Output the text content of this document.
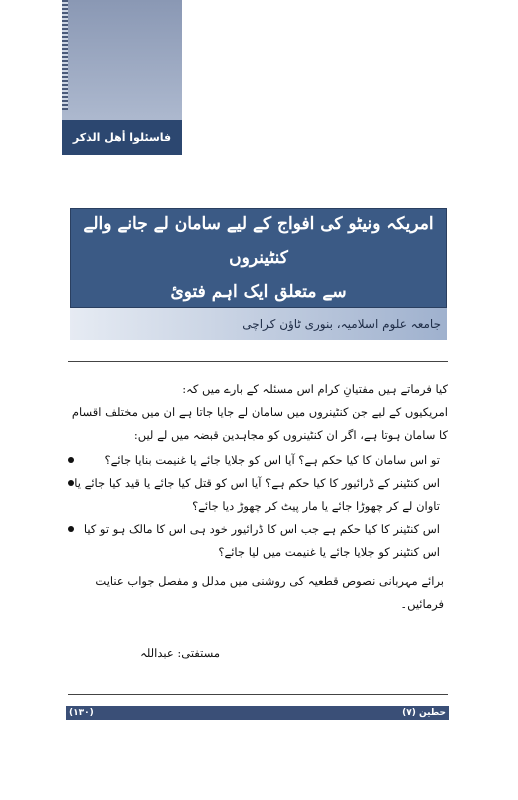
فاسئلوا أهل الذكر
امریکہ ونیٹو کی افواج کے لیے سامان لے جانے والے کنٹینروں
سے متعلق ایک اہم فتوئ
جامعہ علوم اسلامیہ، بنوری ٹاؤن کراچی

کیا فرماتے ہیں مفتیانِ کرام اس مسئلہ کے بارے میں کہ:

امریکیوں کے لیے جن کنٹینروں میں سامان لے جایا جاتا ہے ان میں مختلف اقسام کا سامان ہوتا ہے، اگر ان کنٹینروں کو مجاہدین قبضہ میں لے لیں:

تو اس سامان کا کیا حکم ہے؟ آیا اس کو جلایا جائے یا غنیمت بنایا جائے؟
اس کنٹینر کے ڈرائیور کا کیا حکم ہے؟ آیا اس کو قتل کیا جائے یا قید کیا جائے یا تاوان لے کر چھوڑا جائے یا مار پیٹ کر چھوڑ دیا جائے؟
اس کنٹینر کا کیا حکم ہے جب اس کا ڈرائیور خود ہی اس کا مالک ہو تو کیا اس کنٹینر کو جلایا جائے یا غنیمت میں لیا جائے؟

برائے مہربانی نصوص قطعیہ کی روشنی میں مدلل و مفصل جواب عنایت فرمائیں۔

مستفتی: عبداللہ
(١٣٠)	حطین (٧)
